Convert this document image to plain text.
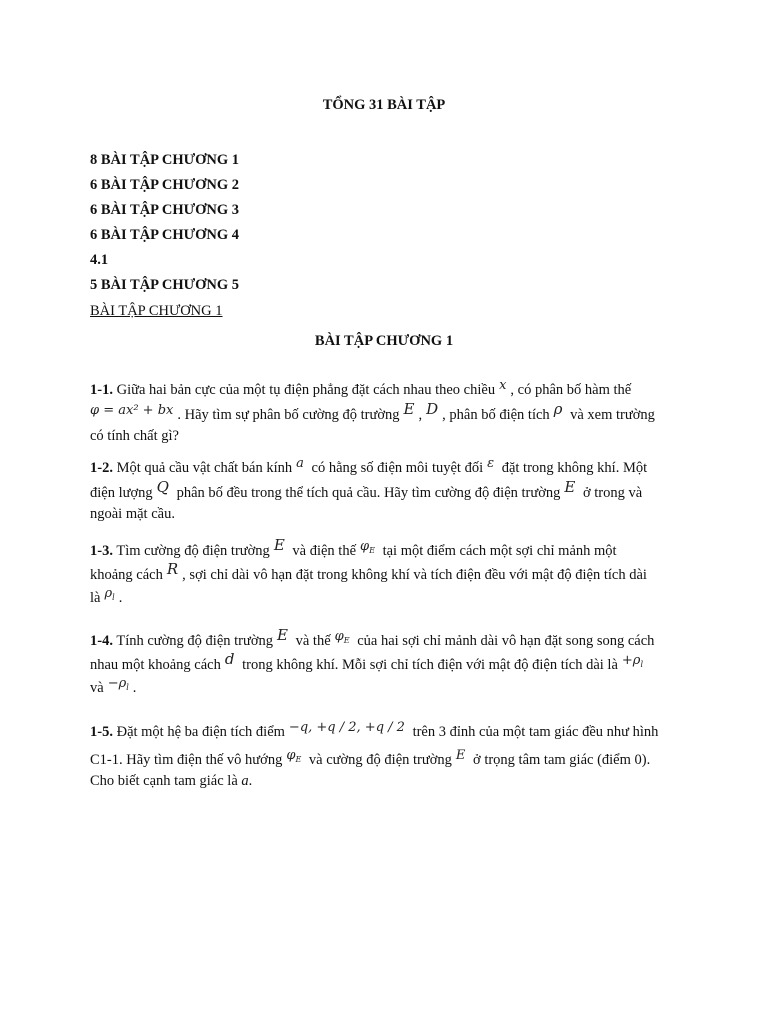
TỔNG 31 BÀI TẬP
8 BÀI TẬP CHƯƠNG 1
6 BÀI TẬP CHƯƠNG 2
6 BÀI TẬP CHƯƠNG 3
6 BÀI TẬP CHƯƠNG 4
4.1
5 BÀI TẬP CHƯƠNG 5
BÀI TẬP CHƯƠNG 1
BÀI TẬP CHƯƠNG 1
1-1. Giữa hai bản cực của một tụ điện phẳng đặt cách nhau theo chiều x , có phân bố hàm thế
φ = ax² + bx . Hãy tìm sự phân bố cường độ trường E , D , phân bố điện tích ρ và xem trường
có tính chất gì?
1-2. Một quả cầu vật chất bán kính a có hằng số điện môi tuyệt đối ε đặt trong không khí. Một
điện lượng Q phân bố đều trong thể tích quả cầu. Hãy tìm cường độ điện trường E ở trong và
ngoài mặt cầu.
1-3. Tìm cường độ điện trường E và điện thế $\varphi_E$ tại một điểm cách một sợi chỉ mảnh một
khoảng cách R , sợi chỉ dài vô hạn đặt trong không khí và tích điện đều với mật độ điện tích dài
là $\rho_l$ .
1-4. Tính cường độ điện trường E và thế $\varphi_E$ của hai sợi chỉ mảnh dài vô hạn đặt song song cách
nhau một khoảng cách d trong không khí. Mỗi sợi chỉ tích điện với mật độ điện tích dài là $+\rho_l$
và $-\rho_l$ .
1-5. Đặt một hệ ba điện tích điểm −q, +q / 2, +q / 2 trên 3 đỉnh của một tam giác đều như hình
C1-1. Hãy tìm điện thế vô hướng $\varphi_E$ và cường độ điện trường E ở trọng tâm tam giác (điểm 0).
Cho biết cạnh tam giác là a.
